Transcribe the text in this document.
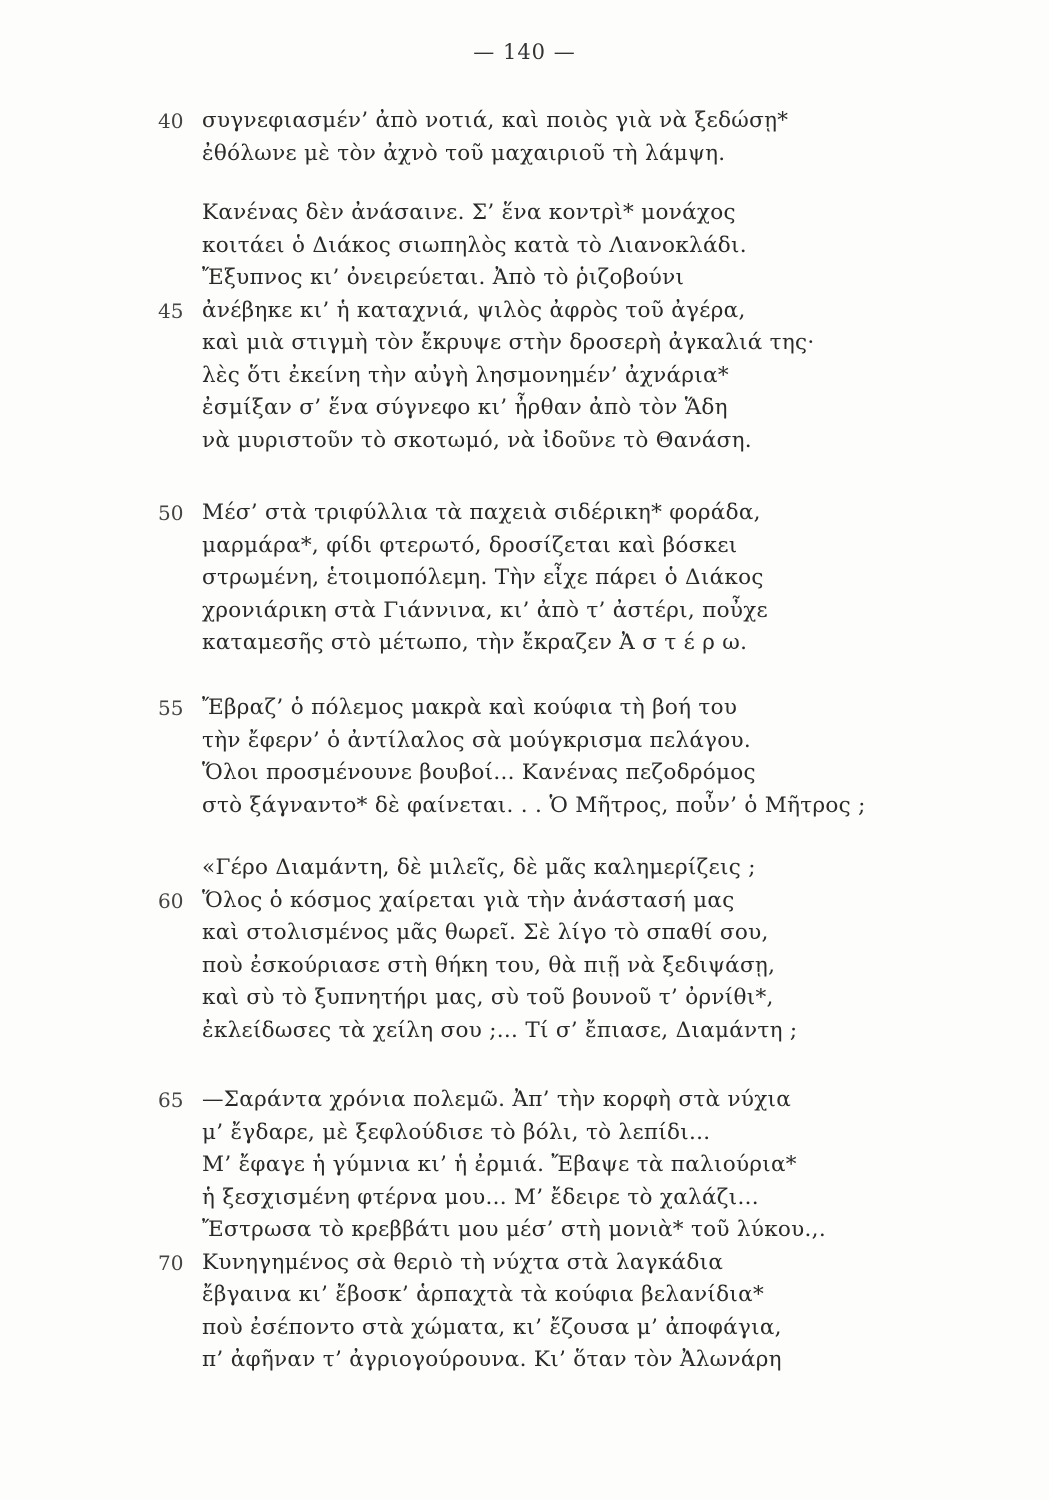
— 140 —
40 συγνεφιασμέν’ ἀπὸ νοτιά, καὶ ποιὸς γιὰ νὰ ξεδώσῃ*
ἐθόλωνε μὲ τὸν ἀχνὸ τοῦ μαχαιριοῦ τὴ λάμψη.
Κανένας δὲν ἀνάσαινε. Σ’ ἕνα κοντρὶ* μονάχος
κοιτάει ὁ Διάκος σιωπηλὸς κατὰ τὸ Λιανοκλάδι.
Ἔξυπνος κι’ ὀνειρεύεται. Ἀπὸ τὸ ῥιζοβούνι
45 ἀνέβηκε κι’ ἡ καταχνιά, ψιλὸς ἀφρὸς τοῦ ἀγέρα,
καὶ μιὰ στιγμὴ τὸν ἔκρυψε στὴν δροσερὴ ἀγκαλιά της·
λὲς ὅτι ἐκείνη τὴν αὐγὴ λησμονημέν’ ἀχνάρια*
ἐσμίξαν σ’ ἕνα σύγνεφο κι’ ἦρθαν ἀπὸ τὸν Ἅδη
νὰ μυριστοῦν τὸ σκοτωμό, νὰ ἰδοῦνε τὸ Θανάση.
50 Μέσ’ στὰ τριφύλλια τὰ παχειὰ σιδέρικη* φοράδα,
μαρμάρα*, φίδι φτερωτό, δροσίζεται καὶ βόσκει
στρωμένη, ἑτοιμοπόλεμη. Τὴν εἶχε πάρει ὁ Διάκος
χρονιάρικη στὰ Γιάννινα, κι’ ἀπὸ τ’ ἀστέρι, ποὖχε
καταμεσῆς στὸ μέτωπο, τὴν ἔκραζεν Ἀ σ τ έ ρ ω.
55 Ἔβραζ’ ὁ πόλεμος μακρὰ καὶ κούφια τὴ βοή του
τὴν ἔφερν’ ὁ ἀντίλαλος σὰ μούγκρισμα πελάγου.
Ὅλοι προσμένουνε βουβοί... Κανένας πεζοδρόμος
στὸ ξάγναντο* δὲ φαίνεται. . . Ὁ Μῆτρος, ποὖν’ ὁ Μῆτρος ;
«Γέρο Διαμάντη, δὲ μιλεῖς, δὲ μᾶς καλημερίζεις ;
60 Ὅλος ὁ κόσμος χαίρεται γιὰ τὴν ἀνάστασή μας
καὶ στολισμένος μᾶς θωρεῖ. Σὲ λίγο τὸ σπαθί σου,
ποὺ ἐσκούριασε στὴ θήκη του, θὰ πιῇ νὰ ξεδιψάσῃ,
καὶ σὺ τὸ ξυπνητήρι μας, σὺ τοῦ βουνοῦ τ’ ὀρνίθι*,
ἐκλείδωσες τὰ χείλη σου ;... Τί σ’ ἔπιασε, Διαμάντη ;
65 —Σαράντα χρόνια πολεμῶ. Ἀπ’ τὴν κορφὴ στὰ νύχια
μ’ ἔγδαρε, μὲ ξεφλούδισε τὸ βόλι, τὸ λεπίδι...
Μ’ ἔφαγε ἡ γύμνια κι’ ἡ ἐρμιά. Ἔβαψε τὰ παλιούρια*
ἡ ξεσχισμένη φτέρνα μου... Μ’ ἔδειρε τὸ χαλάζι...
Ἔστρωσα τὸ κρεββάτι μου μέσ’ στὴ μονιὰ* τοῦ λύκου.,.
70 Κυνηγημένος σὰ θεριὸ τὴ νύχτα στὰ λαγκάδια
ἔβγαινα κι’ ἔβοσκ’ ἁρπαχτὰ τὰ κούφια βελανίδια*
ποὺ ἐσέποντο στὰ χώματα, κι’ ἔζουσα μ’ ἀποφάγια,
π’ ἀφῆναν τ’ ἀγριογούρουνα. Κι’ ὅταν τὸν Ἀλωνάρη
